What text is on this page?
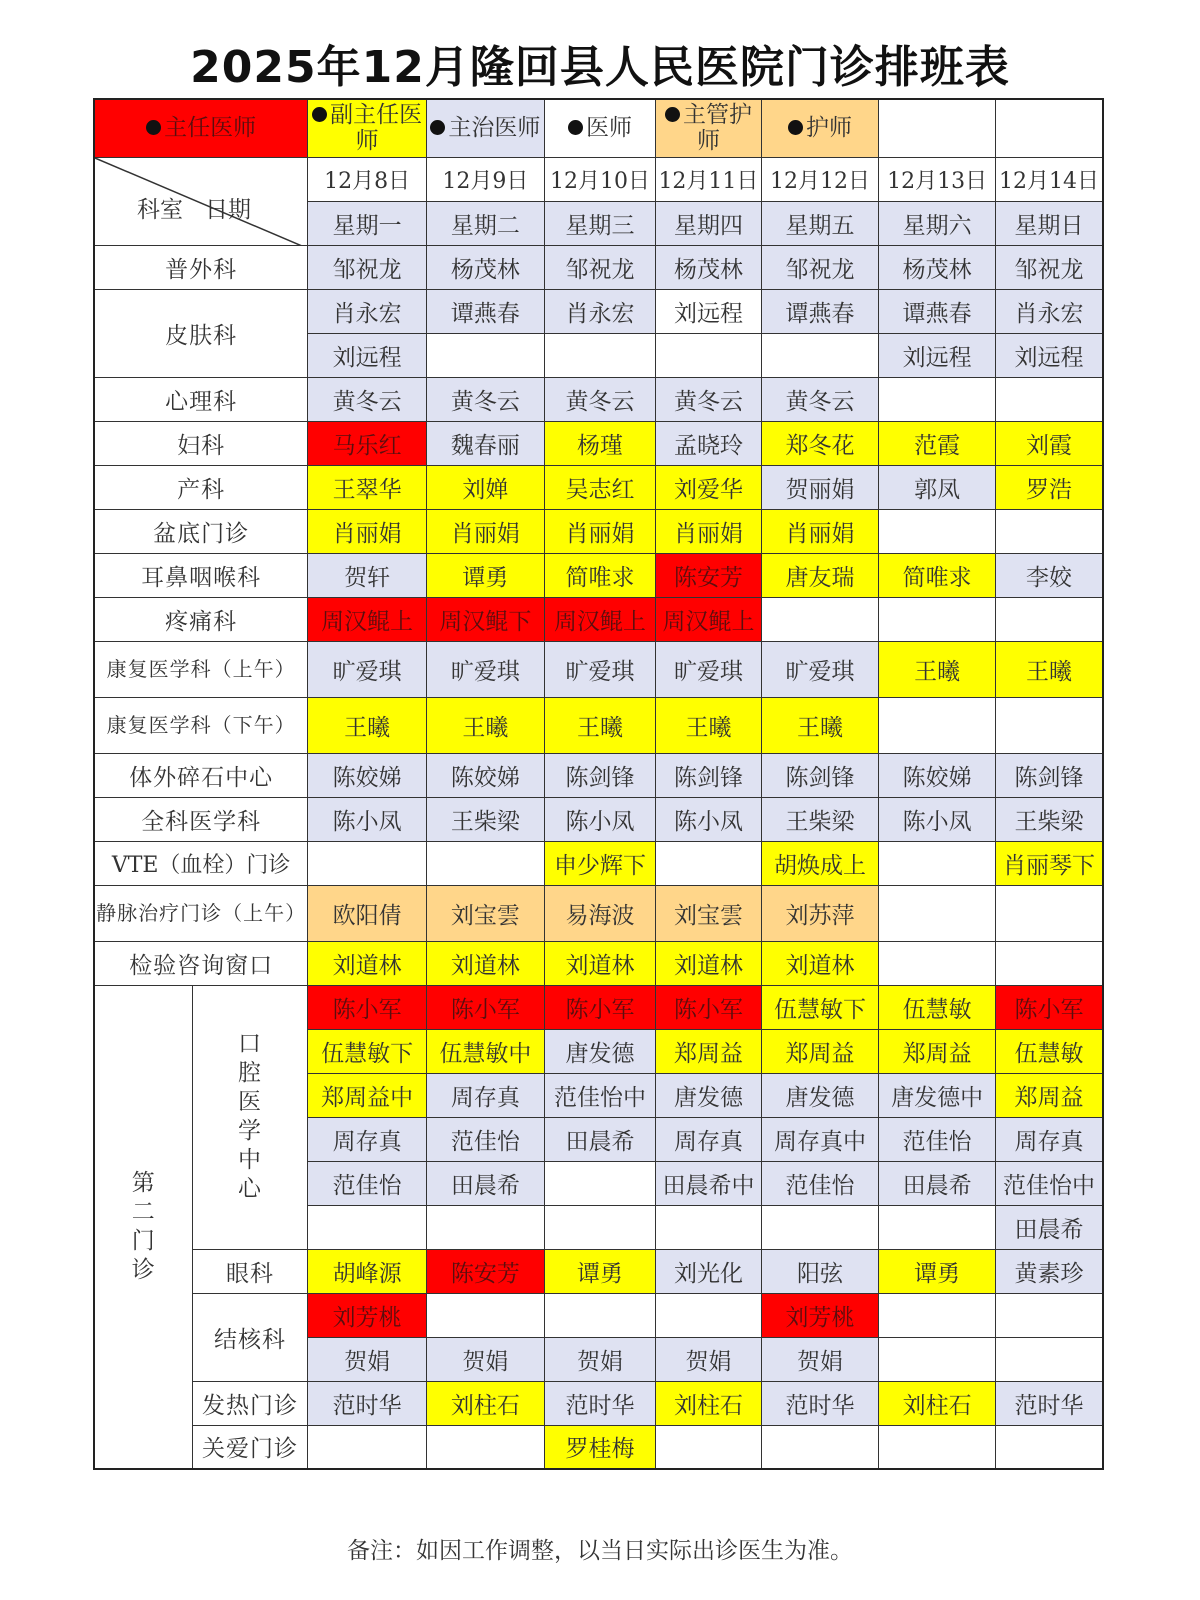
2025年12月隆回县人民医院门诊排班表
主任医师		副主任医师	主治医师	医师	主管护师	护师		

科室 日期		12月8日	12月9日	12月10日	12月11日	12月12日	12月13日	12月14日
		星期一	星期二	星期三	星期四	星期五	星期六	星期日
普外科		邹祝龙	杨茂林	邹祝龙	杨茂林	邹祝龙	杨茂林	邹祝龙
皮肤科		肖永宏	谭燕春	肖永宏	刘远程	谭燕春	谭燕春	肖永宏
		刘远程					刘远程	刘远程
心理科		黄冬云	黄冬云	黄冬云	黄冬云	黄冬云		
妇科		马乐红	魏春丽	杨瑾	孟晓玲	郑冬花	范霞	刘霞
产科		王翠华	刘婵	吴志红	刘爱华	贺丽娟	郭凤	罗浩
盆底门诊		肖丽娟	肖丽娟	肖丽娟	肖丽娟	肖丽娟		
耳鼻咽喉科		贺轩	谭勇	简唯求	陈安芳	唐友瑞	简唯求	李姣
疼痛科		周汉鲲上	周汉鲲下	周汉鲲上	周汉鲲上			
康复医学科（上午）		旷爱琪	旷爱琪	旷爱琪	旷爱琪	旷爱琪	王曦	王曦
康复医学科（下午）		王曦	王曦	王曦	王曦	王曦		
体外碎石中心		陈姣娣	陈姣娣	陈剑锋	陈剑锋	陈剑锋	陈姣娣	陈剑锋
全科医学科		陈小凤	王柴梁	陈小凤	陈小凤	王柴梁	陈小凤	王柴梁
VTE（血栓）门诊				申少辉下		胡焕成上		肖丽琴下
静脉治疗门诊（上午）		欧阳倩	刘宝雲	易海波	刘宝雲	刘苏萍		
检验咨询窗口		刘道林	刘道林	刘道林	刘道林	刘道林		
第二门诊	口腔医学中心	陈小军	陈小军	陈小军	陈小军	伍慧敏下	伍慧敏	陈小军
		伍慧敏下	伍慧敏中	唐发德	郑周益	郑周益	郑周益	伍慧敏
		郑周益中	周存真	范佳怡中	唐发德	唐发德	唐发德中	郑周益
		周存真	范佳怡	田晨希	周存真	周存真中	范佳怡	周存真
		范佳怡	田晨希		田晨希中	范佳怡	田晨希	范佳怡中
								田晨希
	眼科	胡峰源	陈安芳	谭勇	刘光化	阳弦	谭勇	黄素珍
	结核科	刘芳桃				刘芳桃		
		贺娟	贺娟	贺娟	贺娟	贺娟		
	发热门诊	范时华	刘柱石	范时华	刘柱石	范时华	刘柱石	范时华
	关爱门诊			罗桂梅				
备注：如因工作调整，以当日实际出诊医生为准。
